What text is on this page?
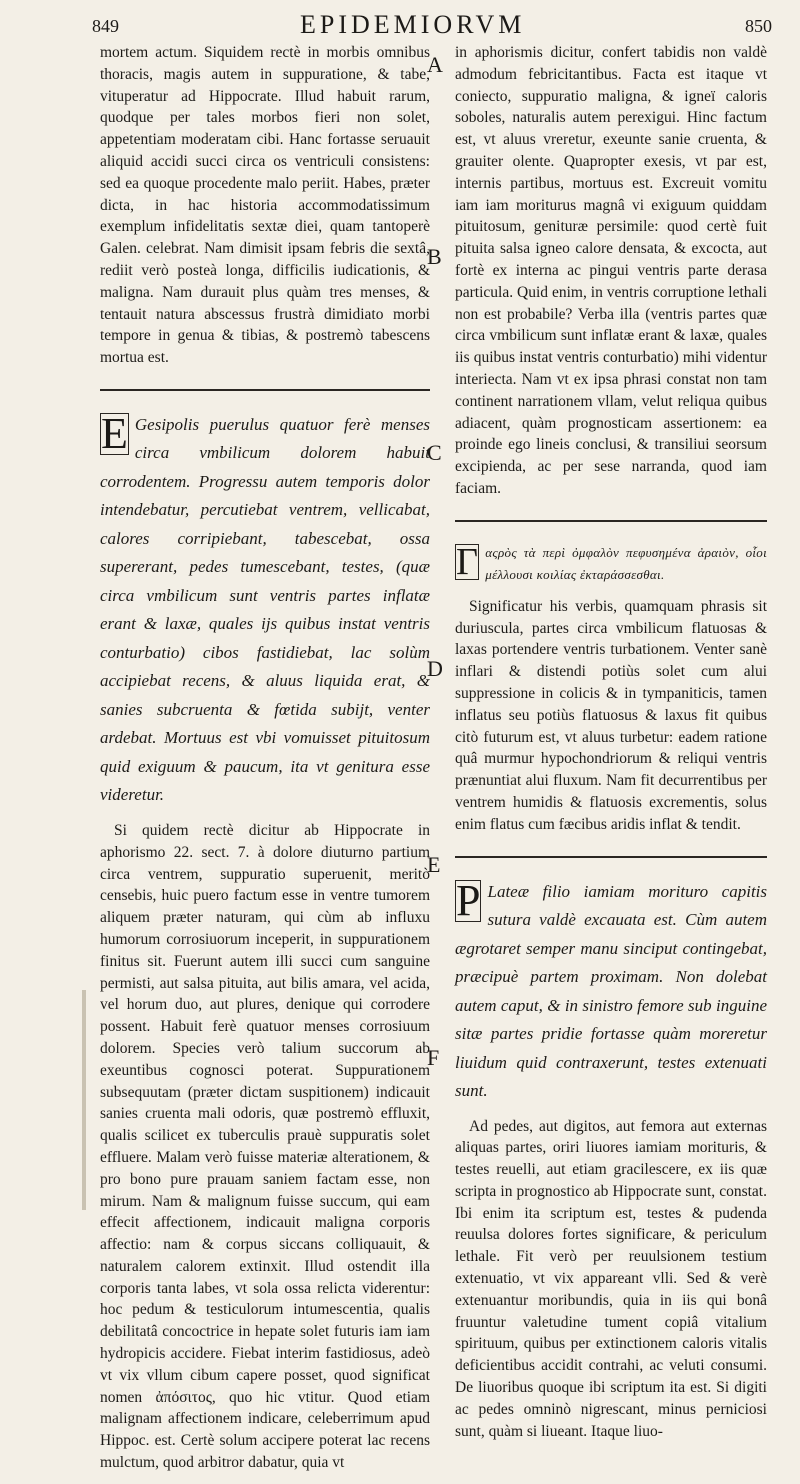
849	EPIDEMIORVM	850
A
B
C
D
E
F

mortem actum. Siquidem rectè in morbis omnibus thoracis, magis autem in suppuratione, & tabe, vituperatur ad Hippocrate. Illud habuit rarum, quodque per tales morbos fieri non solet, appetentiam moderatam cibi. Hanc fortasse seruauit aliquid accidi succi circa os ventriculi consistens: sed ea quoque procedente malo periit. Habes, præter dicta, in hac historia accommodatissimum exemplum infidelitatis sextæ diei, quam tantoperè Galen. celebrat. Nam dimisit ipsam febris die sextâ, rediit verò posteà longa, difficilis iudicationis, & maligna. Nam durauit plus quàm tres menses, & tentauit natura abscessus frustrà dimidiato morbi tempore in genua & tibias, & postremò tabescens mortua est.

E Gesipolis puerulus quatuor ferè menses circa vmbilicum dolorem habuit corrodentem. Progressu autem temporis dolor intendebatur, percutiebat ventrem, vellicabat, calores corripiebant, tabescebat, ossa supererant, pedes tumescebant, testes, (quæ circa vmbilicum sunt ventris partes inflatæ erant & laxæ, quales ijs quibus instat ventris conturbatio) cibos fastidiebat, lac solùm accipiebat recens, & aluus liquida erat, & sanies subcruenta & fœtida subijt, venter ardebat. Mortuus est vbi vomuisset pituitosum quid exiguum & paucum, ita vt genitura esse videretur.

Si quidem rectè dicitur ab Hippocrate in aphorismo 22. sect. 7. à dolore diuturno partium circa ventrem, suppuratio superuenit, meritò censebis, huic puero factum esse in ventre tumorem aliquem præter naturam, qui cùm ab influxu humorum corrosiuorum inceperit, in suppurationem finitus sit. Fuerunt autem illi succi cum sanguine permisti, aut salsa pituita, aut bilis amara, vel acida, vel horum duo, aut plures, denique qui corrodere possent. Habuit ferè quatuor menses corrosiuum dolorem. Species verò talium succorum ab exeuntibus cognosci poterat. Suppurationem subsequutam (præter dictam suspitionem) indicauit sanies cruenta mali odoris, quæ postremò effluxit, qualis scilicet ex tuberculis prauè suppuratis solet effluere. Malam verò fuisse materiæ alterationem, & pro bono pure prauam saniem factam esse, non mirum. Nam & malignum fuisse succum, qui eam effecit affectionem, indicauit maligna corporis affectio: nam & corpus siccans colliquauit, & naturalem calorem extinxit. Illud ostendit illa corporis tanta labes, vt sola ossa relicta viderentur: hoc pedum & testiculorum intumescentia, qualis debilitatâ concoctrice in hepate solet futuris iam iam hydropicis accidere. Fiebat interim fastidiosus, adeò vt vix vllum cibum capere posset, quod significat nomen ἀπόσιτος, quo hic vtitur. Quod etiam malignam affectionem indicare, celeberrimum apud Hippoc. est. Certè solum accipere poterat lac recens mulctum, quod arbitror dabatur, quia vt

in aphorismis dicitur, confert tabidis non valdè admodum febricitantibus. Facta est itaque vt coniecto, suppuratio maligna, & igneï caloris soboles, naturalis autem perexigui. Hinc factum est, vt aluus vreretur, exeunte sanie cruenta, & grauiter olente. Quapropter exesis, vt par est, internis partibus, mortuus est. Excreuit vomitu iam iam moriturus magnâ vi exiguum quiddam pituitosum, genituræ persimile: quod certè fuit pituita salsa igneo calore densata, & excocta, aut fortè ex interna ac pingui ventris parte derasa particula. Quid enim, in ventris corruptione lethali non est probabile? Verba illa (ventris partes quæ circa vmbilicum sunt inflatæ erant & laxæ, quales iis quibus instat ventris conturbatio) mihi videntur interiecta. Nam vt ex ipsa phrasi constat non tam continent narrationem vllam, velut reliqua quibus adiacent, quàm prognosticam assertionem: ea proinde ego lineis conclusi, & transiliui seorsum excipienda, ac per sese narranda, quod iam faciam.

Γ αςρὸς τὰ περὶ ὀμφαλὸν πεφυσημένα ἀραιὸν, οἷοι μέλλουσι κοιλίας ἐκταράσσεσθαι.

Significatur his verbis, quamquam phrasis sit duriuscula, partes circa vmbilicum flatuosas & laxas portendere ventris turbationem. Venter sanè inflari & distendi potiùs solet cum alui suppressione in colicis & in tympaniticis, tamen inflatus seu potiùs flatuosus & laxus fit quibus citò futurum est, vt aluus turbetur: eadem ratione quâ murmur hypochondriorum & reliqui ventris prænuntiat alui fluxum. Nam fit decurrentibus per ventrem humidis & flatuosis excrementis, solus enim flatus cum fæcibus aridis inflat & tendit.

P Lateæ filio iamiam morituro capitis sutura valdè excauata est. Cùm autem ægrotaret semper manu sinciput contingebat, præcipuè partem proximam. Non dolebat autem caput, & in sinistro femore sub inguine sitæ partes pridie fortasse quàm moreretur liuidum quid contraxerunt, testes extenuati sunt.

Ad pedes, aut digitos, aut femora aut externas aliquas partes, oriri liuores iamiam morituris, & testes reuelli, aut etiam gracilescere, ex iis quæ scripta in prognostico ab Hippocrate sunt, constat. Ibi enim ita scriptum est, testes & pudenda reuulsa dolores fortes significare, & periculum lethale. Fit verò per reuulsionem testium extenuatio, vt vix appareant vlli. Sed & verè extenuantur moribundis, quia in iis qui bonâ fruuntur valetudine tument copiâ vitalium spirituum, quibus per extinctionem caloris vitalis deficientibus accidit contrahi, ac veluti consumi. De liuoribus quoque ibi scriptum ita est. Si digiti ac pedes omninò nigrescant, minus perniciosi sunt, quàm si liueant. Itaque liuo-
